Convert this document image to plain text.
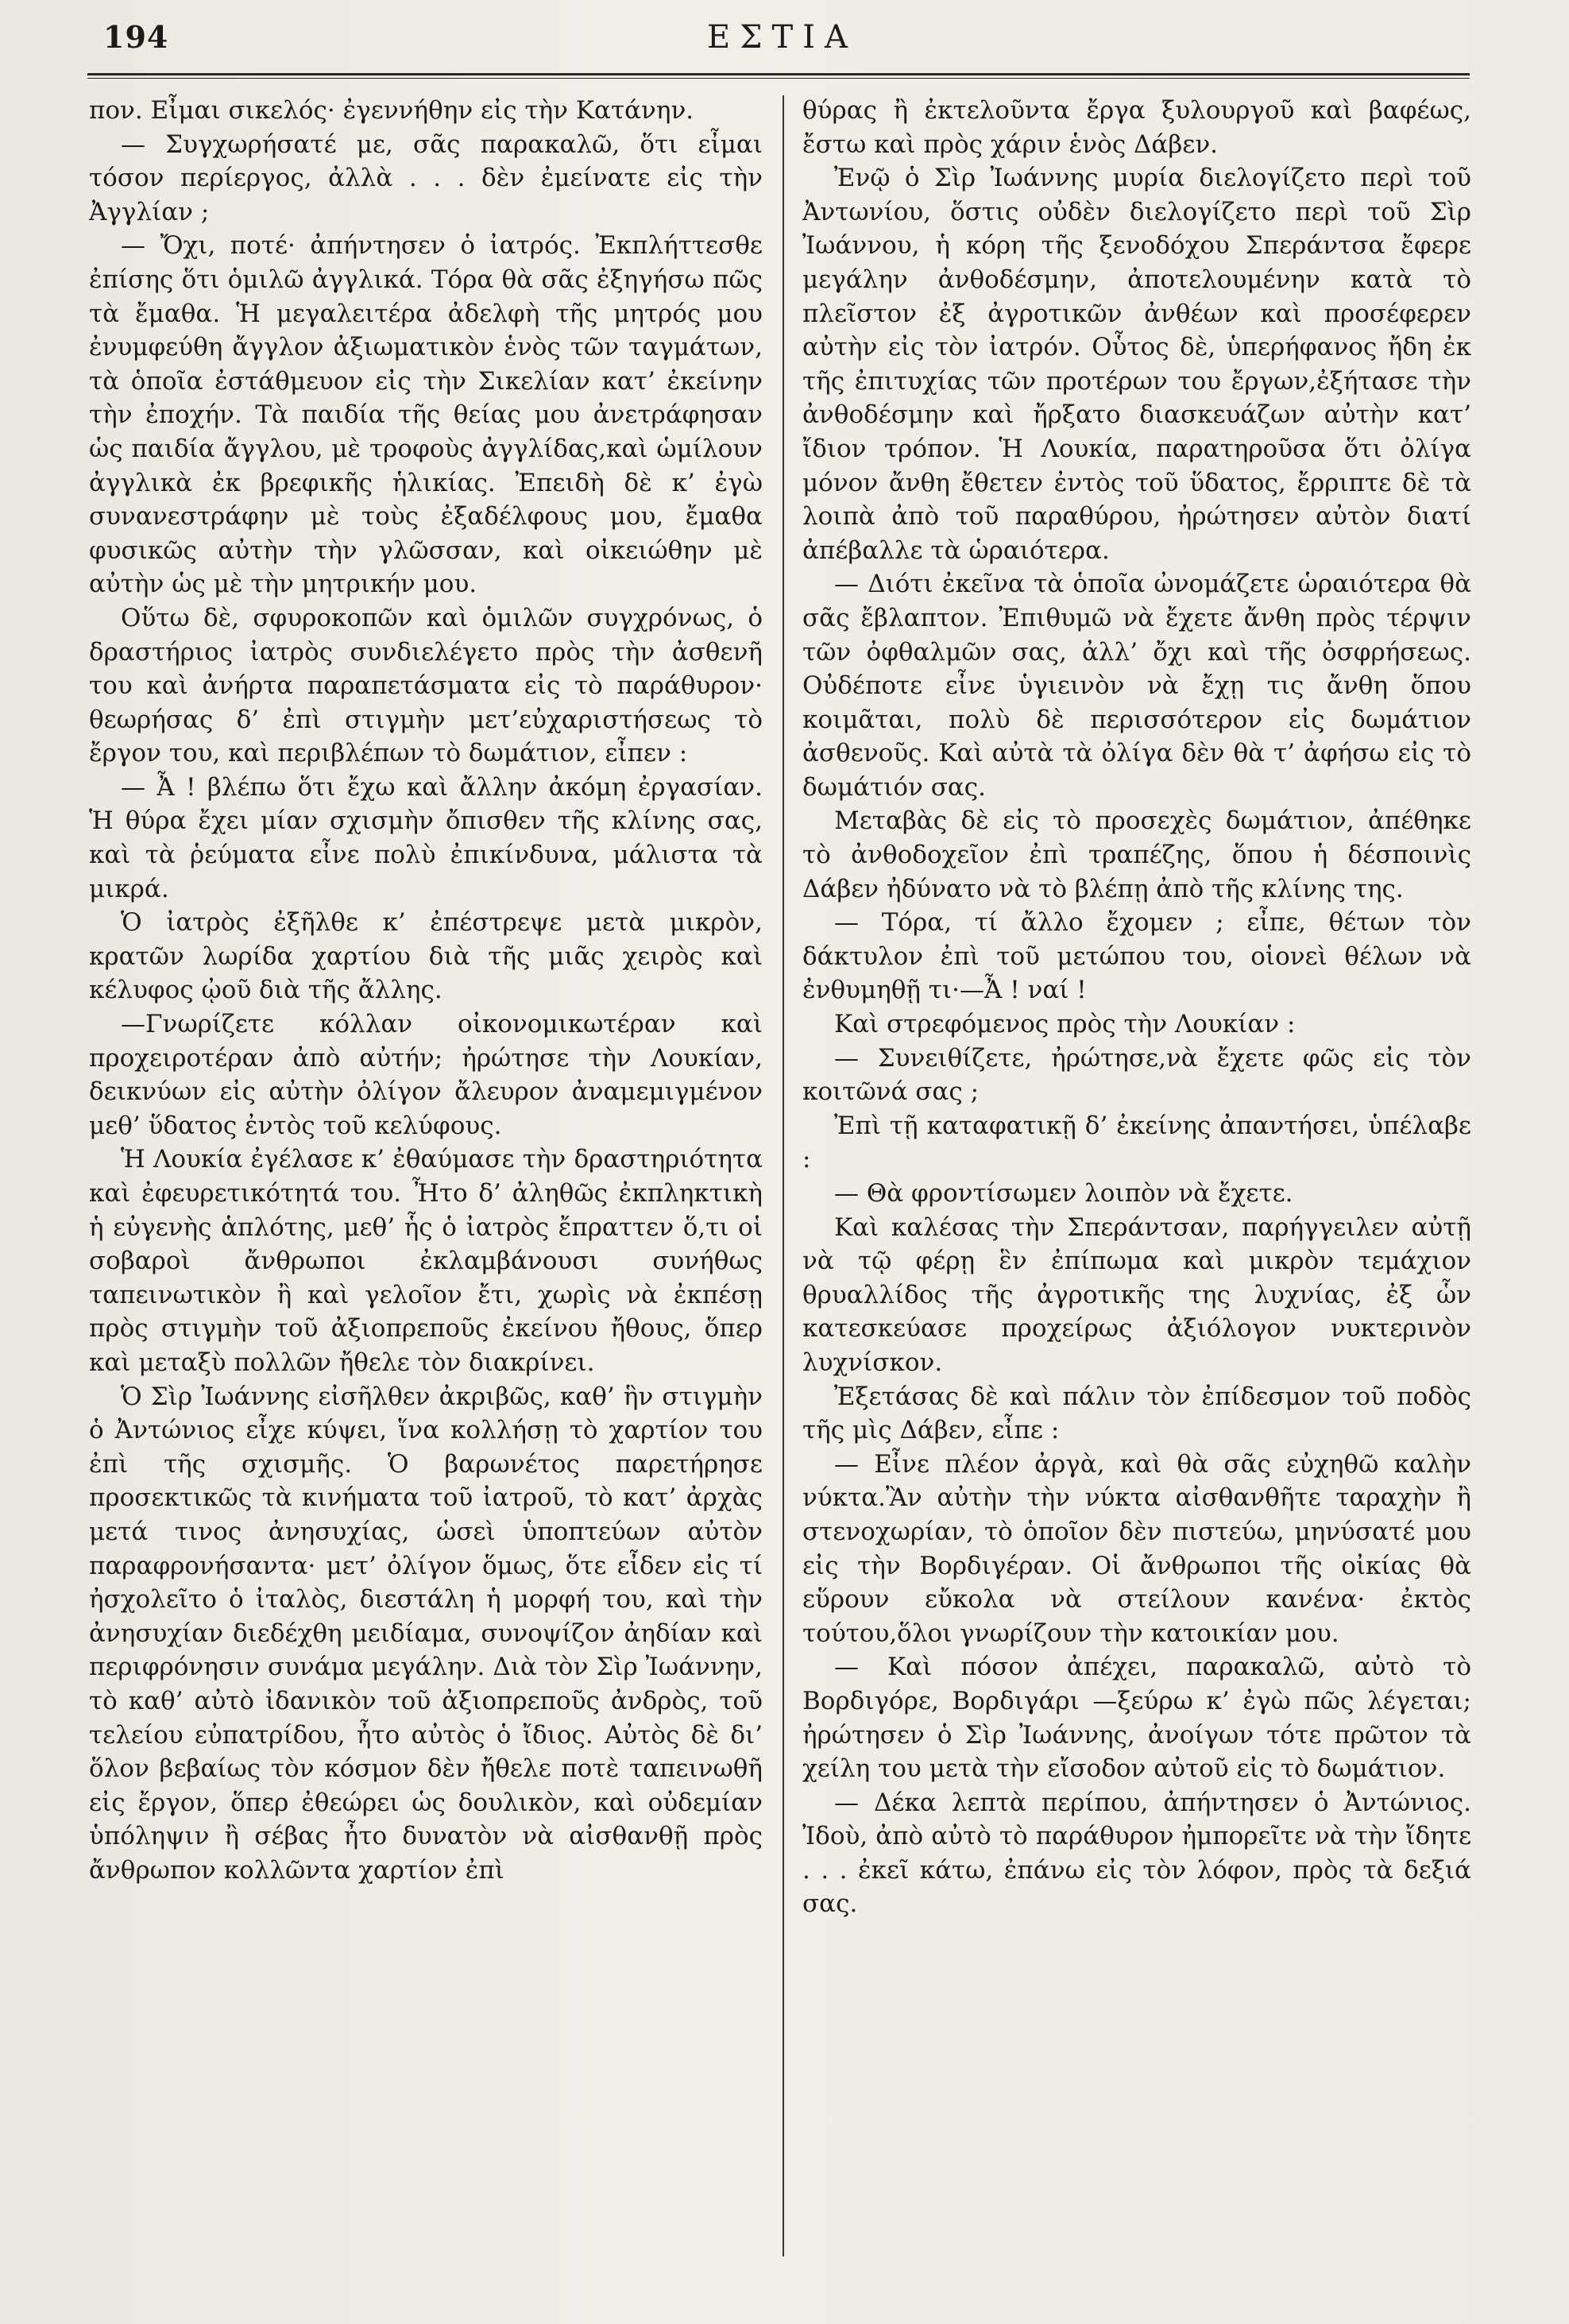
194	ΕΣΤΙΑ

πον. Εἶμαι σικελός· ἐγεννήθην εἰς τὴν Κατάνην.

— Συγχωρήσατέ με, σᾶς παρακαλῶ, ὅτι εἶμαι τόσον περίεργος, ἀλλὰ . . . δὲν ἐμείνατε εἰς τὴν Ἀγγλίαν ;

— Ὄχι, ποτέ· ἀπήντησεν ὁ ἰατρός. Ἐκπλήττεσθε ἐπίσης ὅτι ὁμιλῶ ἀγγλικά. Τόρα θὰ σᾶς ἐξηγήσω πῶς τὰ ἔμαθα. Ἡ μεγαλειτέρα ἀδελφὴ τῆς μητρός μου ἐνυμφεύθη ἄγγλον ἀξιωματικὸν ἑνὸς τῶν ταγμάτων, τὰ ὁποῖα ἐστάθμευον εἰς τὴν Σικελίαν κατ’ ἐκείνην τὴν ἐποχήν. Τὰ παιδία τῆς θείας μου ἀνετράφησαν ὡς παιδία ἄγγλου, μὲ τροφοὺς ἀγγλίδας,καὶ ὡμίλουν ἀγγλικὰ ἐκ βρεφικῆς ἡλικίας. Ἐπειδὴ δὲ κ’ ἐγὼ συνανεστράφην μὲ τοὺς ἐξαδέλφους μου, ἔμαθα φυσικῶς αὐτὴν τὴν γλῶσσαν, καὶ οἰκειώθην μὲ αὐτὴν ὡς μὲ τὴν μητρικήν μου.

Οὕτω δὲ, σφυροκοπῶν καὶ ὁμιλῶν συγχρόνως, ὁ δραστήριος ἰατρὸς συνδιελέγετο πρὸς τὴν ἀσθενῆ του καὶ ἀνήρτα παραπετάσματα εἰς τὸ παράθυρον· θεωρήσας δ’ ἐπὶ στιγμὴν μετ’εὐχαριστήσεως τὸ ἔργον του, καὶ περιβλέπων τὸ δωμάτιον, εἶπεν :

— Ἆ ! βλέπω ὅτι ἔχω καὶ ἄλλην ἀκόμη ἐργασίαν. Ἡ θύρα ἔχει μίαν σχισμὴν ὄπισθεν τῆς κλίνης σας, καὶ τὰ ῥεύματα εἶνε πολὺ ἐπικίνδυνα, μάλιστα τὰ μικρά.

Ὁ ἰατρὸς ἐξῆλθε κ’ ἐπέστρεψε μετὰ μικρὸν, κρατῶν λωρίδα χαρτίου διὰ τῆς μιᾶς χειρὸς καὶ κέλυφος ᾠοῦ διὰ τῆς ἄλλης.

—Γνωρίζετε κόλλαν οἰκονομικωτέραν καὶ προχειροτέραν ἀπὸ αὐτήν; ἠρώτησε τὴν Λουκίαν, δεικνύων εἰς αὐτὴν ὀλίγον ἄλευρον ἀναμεμιγμένον μεθ’ ὕδατος ἐντὸς τοῦ κελύφους.

Ἡ Λουκία ἐγέλασε κ’ ἐθαύμασε τὴν δραστηριότητα καὶ ἐφευρετικότητά του. Ἦτο δ’ ἀληθῶς ἐκπληκτικὴ ἡ εὐγενὴς ἁπλότης, μεθ’ ἧς ὁ ἰατρὸς ἔπραττεν ὅ,τι οἱ σοβαροὶ ἄνθρωποι ἐκλαμβάνουσι συνήθως ταπεινωτικὸν ἢ καὶ γελοῖον ἔτι, χωρὶς νὰ ἐκπέσῃ πρὸς στιγμὴν τοῦ ἀξιοπρεποῦς ἐκείνου ἤθους, ὅπερ καὶ μεταξὺ πολλῶν ἤθελε τὸν διακρίνει.

Ὁ Σὶρ Ἰωάννης εἰσῆλθεν ἀκριβῶς, καθ’ ἣν στιγμὴν ὁ Ἀντώνιος εἶχε κύψει, ἵνα κολλήσῃ τὸ χαρτίον του ἐπὶ τῆς σχισμῆς. Ὁ βαρωνέτος παρετήρησε προσεκτικῶς τὰ κινήματα τοῦ ἰατροῦ, τὸ κατ’ ἀρχὰς μετά τινος ἀνησυχίας, ὡσεὶ ὑποπτεύων αὐτὸν παραφρονήσαντα· μετ’ ὀλίγον ὅμως, ὅτε εἶδεν εἰς τί ἠσχολεῖτο ὁ ἰταλὸς, διεστάλη ἡ μορφή του, καὶ τὴν ἀνησυχίαν διεδέχθη μειδίαμα, συνοψίζον ἀηδίαν καὶ περιφρόνησιν συνάμα μεγάλην. Διὰ τὸν Σὶρ Ἰωάννην, τὸ καθ’ αὐτὸ ἰδανικὸν τοῦ ἀξιοπρεποῦς ἀνδρὸς, τοῦ τελείου εὐπατρίδου, ἦτο αὐτὸς ὁ ἴδιος. Αὐτὸς δὲ δι’ ὅλον βεβαίως τὸν κόσμον δὲν ἤθελε ποτὲ ταπεινωθῆ εἰς ἔργον, ὅπερ ἐθεώρει ὡς δουλικὸν, καὶ οὐδεμίαν ὑπόληψιν ἢ σέβας ἦτο δυνατὸν νὰ αἰσθανθῇ πρὸς ἄνθρωπον κολλῶντα χαρτίον ἐπὶ

θύρας ἢ ἐκτελοῦντα ἔργα ξυλουργοῦ καὶ βαφέως, ἔστω καὶ πρὸς χάριν ἑνὸς Δάβεν.

Ἐνῷ ὁ Σὶρ Ἰωάννης μυρία διελογίζετο περὶ τοῦ Ἀντωνίου, ὅστις οὐδὲν διελογίζετο περὶ τοῦ Σὶρ Ἰωάννου, ἡ κόρη τῆς ξενοδόχου Σπεράντσα ἔφερε μεγάλην ἀνθοδέσμην, ἀποτελουμένην κατὰ τὸ πλεῖστον ἐξ ἀγροτικῶν ἀνθέων καὶ προσέφερεν αὐτὴν εἰς τὸν ἰατρόν. Οὗτος δὲ, ὑπερήφανος ἤδη ἐκ τῆς ἐπιτυχίας τῶν προτέρων του ἔργων,ἐξήτασε τὴν ἀνθοδέσμην καὶ ἤρξατο διασκευάζων αὐτὴν κατ’ ἴδιον τρόπον. Ἡ Λουκία, παρατηροῦσα ὅτι ὀλίγα μόνον ἄνθη ἔθετεν ἐντὸς τοῦ ὕδατος, ἔρριπτε δὲ τὰ λοιπὰ ἀπὸ τοῦ παραθύρου, ἠρώτησεν αὐτὸν διατί ἀπέβαλλε τὰ ὡραιότερα.

— Διότι ἐκεῖνα τὰ ὁποῖα ὠνομάζετε ὡραιότερα θὰ σᾶς ἔβλαπτον. Ἐπιθυμῶ νὰ ἔχετε ἄνθη πρὸς τέρψιν τῶν ὀφθαλμῶν σας, ἀλλ’ ὄχι καὶ τῆς ὀσφρήσεως. Οὐδέποτε εἶνε ὑγιεινὸν νὰ ἔχῃ τις ἄνθη ὅπου κοιμᾶται, πολὺ δὲ περισσότερον εἰς δωμάτιον ἀσθενοῦς. Καὶ αὐτὰ τὰ ὀλίγα δὲν θὰ τ’ ἀφήσω εἰς τὸ δωμάτιόν σας.

Μεταβὰς δὲ εἰς τὸ προσεχὲς δωμάτιον, ἀπέθηκε τὸ ἀνθοδοχεῖον ἐπὶ τραπέζης, ὅπου ἡ δέσποινὶς Δάβεν ἠδύνατο νὰ τὸ βλέπῃ ἀπὸ τῆς κλίνης της.

— Τόρα, τί ἄλλο ἔχομεν ; εἶπε, θέτων τὸν δάκτυλον ἐπὶ τοῦ μετώπου του, οἱονεὶ θέλων νὰ ἐνθυμηθῇ τι·—Ἆ ! ναί !

Καὶ στρεφόμενος πρὸς τὴν Λουκίαν :

— Συνειθίζετε, ἠρώτησε,νὰ ἔχετε φῶς εἰς τὸν κοιτῶνά σας ;

Ἐπὶ τῇ καταφατικῇ δ’ ἐκείνης ἀπαντήσει, ὑπέλαβε :

— Θὰ φροντίσωμεν λοιπὸν νὰ ἔχετε.

Καὶ καλέσας τὴν Σπεράντσαν, παρήγγειλεν αὐτῇ νὰ τῷ φέρῃ ἓν ἐπίπωμα καὶ μικρὸν τεμάχιον θρυαλλίδος τῆς ἀγροτικῆς της λυχνίας, ἐξ ὧν κατεσκεύασε προχείρως ἀξιόλογον νυκτερινὸν λυχνίσκον.

Ἐξετάσας δὲ καὶ πάλιν τὸν ἐπίδεσμον τοῦ ποδὸς τῆς μὶς Δάβεν, εἶπε :

— Εἶνε πλέον ἀργὰ, καὶ θὰ σᾶς εὐχηθῶ καλὴν νύκτα.Ἂν αὐτὴν τὴν νύκτα αἰσθανθῆτε ταραχὴν ἢ στενοχωρίαν, τὸ ὁποῖον δὲν πιστεύω, μηνύσατέ μου εἰς τὴν Βορδιγέραν. Οἱ ἄνθρωποι τῆς οἰκίας θὰ εὕρουν εὔκολα νὰ στείλουν κανένα· ἐκτὸς τούτου,ὅλοι γνωρίζουν τὴν κατοικίαν μου.

— Καὶ πόσον ἀπέχει, παρακαλῶ, αὐτὸ τὸ Βορδιγόρε, Βορδιγάρι —ξεύρω κ’ ἐγὼ πῶς λέγεται; ἠρώτησεν ὁ Σὶρ Ἰωάννης, ἀνοίγων τότε πρῶτον τὰ χείλη του μετὰ τὴν εἴσοδον αὐτοῦ εἰς τὸ δωμάτιον.

— Δέκα λεπτὰ περίπου, ἀπήντησεν ὁ Ἀντώνιος. Ἰδοὺ, ἀπὸ αὐτὸ τὸ παράθυρον ἠμπορεῖτε νὰ τὴν ἴδητε . . . ἐκεῖ κάτω, ἐπάνω εἰς τὸν λόφον, πρὸς τὰ δεξιά σας.
